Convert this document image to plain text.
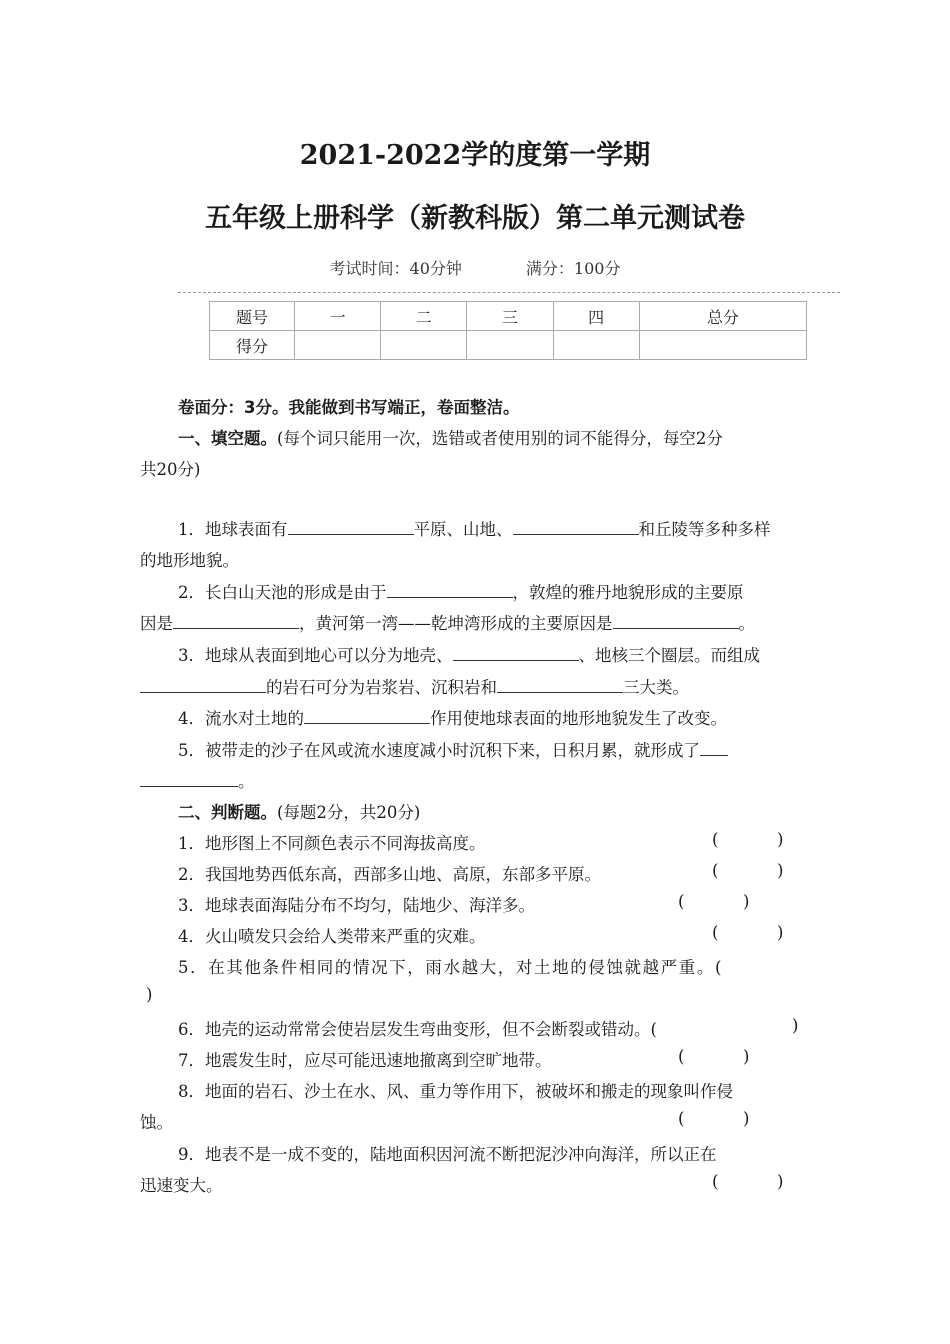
2021-2022学的度第一学期
五年级上册科学（新教科版）第二单元测试卷
考试时间：40分钟	满分：100分
题号	一	二	三	四	总分
得分					
卷面分：3分。我能做到书写端正，卷面整洁。
一、填空题。(每个词只能用一次，选错或者使用别的词不能得分，每空2分
共20分)
1．地球表面有	平原、山地、	和丘陵等多种多样
的地形地貌。
2．长白山天池的形成是由于	，敦煌的雅丹地貌形成的主要原
因是	，黄河第一湾——乾坤湾形成的主要原因是	。
3．地球从表面到地心可以分为地壳、	、地核三个圈层。而组成
的岩石可分为岩浆岩、沉积岩和	三大类。
4．流水对土地的	作用使地球表面的地形地貌发生了改变。
5．被带走的沙子在风或流水速度减小时沉积下来，日积月累，就形成了
。
二、判断题。(每题2分，共20分)
1．地形图上不同颜色表示不同海拔高度。	(	)
2．我国地势西低东高，西部多山地、高原，东部多平原。	(	)
3．地球表面海陆分布不均匀，陆地少、海洋多。	(	)
4．火山喷发只会给人类带来严重的灾难。	(	)
5．在其他条件相同的情况下，雨水越大，对土地的侵蚀就越严重。(
)
6．地壳的运动常常会使岩层发生弯曲变形，但不会断裂或错动。(	)
7．地震发生时，应尽可能迅速地撤离到空旷地带。	(	)
8．地面的岩石、沙土在水、风、重力等作用下，被破坏和搬走的现象叫作侵
蚀。	(	)
9．地表不是一成不变的，陆地面积因河流不断把泥沙冲向海洋，所以正在
迅速变大。	(	)
